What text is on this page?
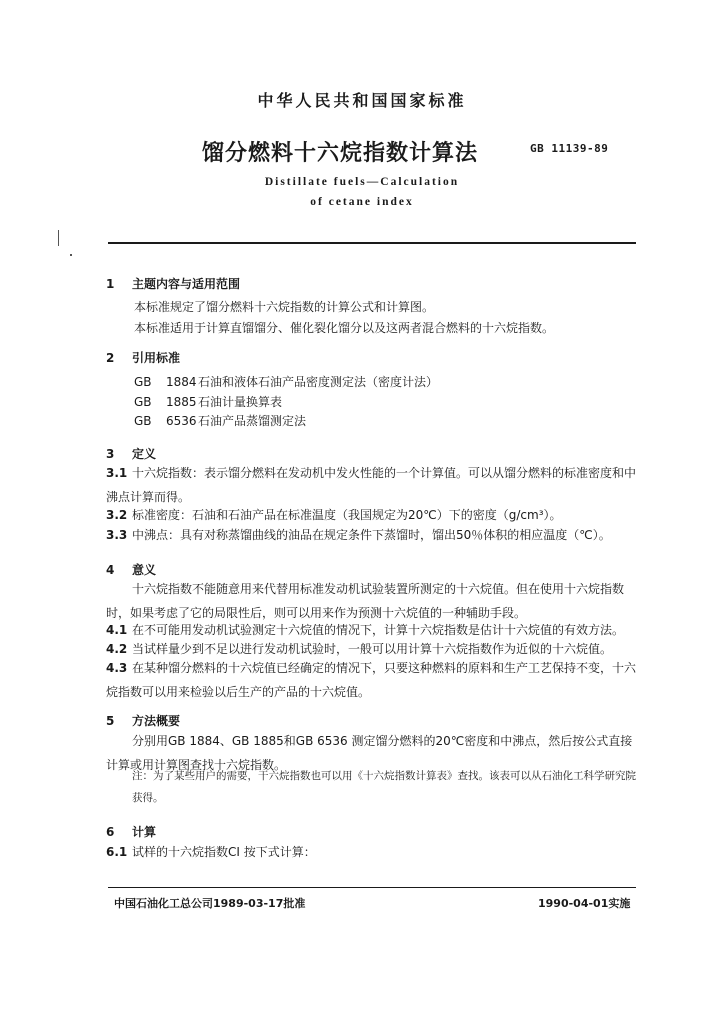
中华人民共和国国家标准
馏分燃料十六烷指数计算法	GB 11139-89
Distillate fuels—Calculation
of cetane index
1 主题内容与适用范围
本标准规定了馏分燃料十六烷指数的计算公式和计算图。
本标准适用于计算直馏馏分、催化裂化馏分以及这两者混合燃料的十六烷指数。
2 引用标准
GB 1884石油和液体石油产品密度测定法（密度计法）
GB 1885石油计量换算表
GB 6536石油产品蒸馏测定法
3 定义
3.1 十六烷指数：表示馏分燃料在发动机中发火性能的一个计算值。可以从馏分燃料的标准密度和中沸点计算而得。
3.2 标准密度：石油和石油产品在标准温度（我国规定为20℃）下的密度（g/cm³）。
3.3 中沸点：具有对称蒸馏曲线的油品在规定条件下蒸馏时，馏出50％体积的相应温度（℃）。
4 意义
十六烷指数不能随意用来代替用标准发动机试验装置所测定的十六烷值。但在使用十六烷指数时，如果考虑了它的局限性后，则可以用来作为预测十六烷值的一种辅助手段。
4.1 在不可能用发动机试验测定十六烷值的情况下，计算十六烷指数是估计十六烷值的有效方法。
4.2 当试样量少到不足以进行发动机试验时，一般可以用计算十六烷指数作为近似的十六烷值。
4.3 在某种馏分燃料的十六烷值已经确定的情况下，只要这种燃料的原料和生产工艺保持不变，十六烷指数可以用来检验以后生产的产品的十六烷值。
5 方法概要
分别用GB 1884、GB 1885和GB 6536 测定馏分燃料的20℃密度和中沸点，然后按公式直接计算或用计算图查找十六烷指数。
注：为了某些用户的需要，干六烷指数也可以用《十六烷指数计算表》查找。该表可以从石油化工科学研究院获得。
6 计算
6.1 试样的十六烷指数CI 按下式计算：
中国石油化工总公司1989-03-17批准	1990-04-01实施
